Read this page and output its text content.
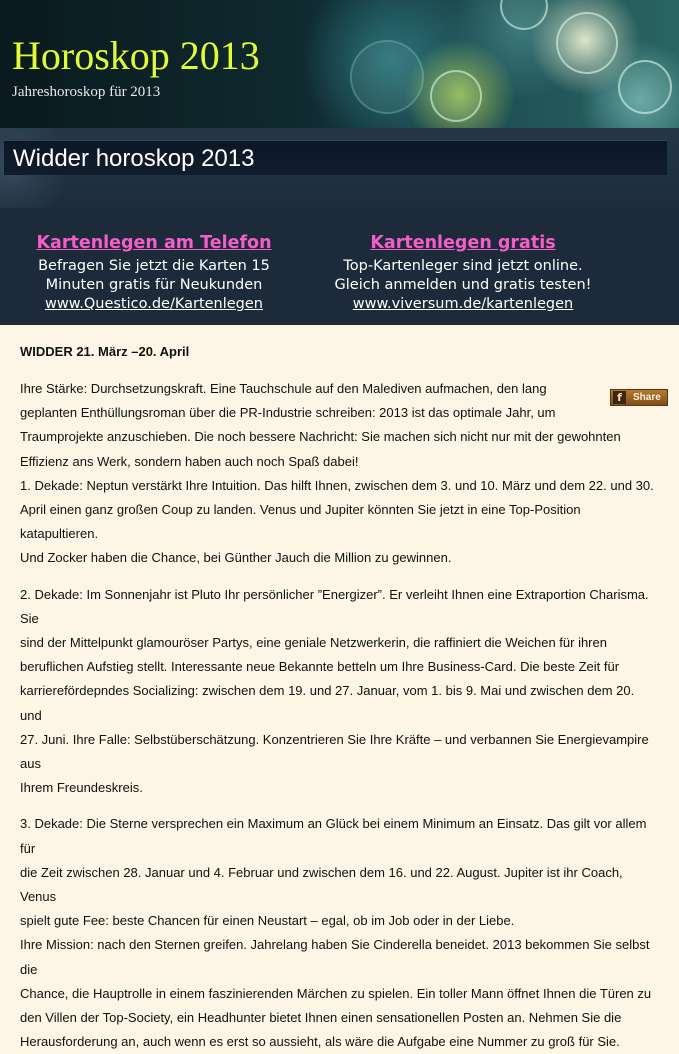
Horoskop 2013
Jahreshoroskop für 2013
Widder horoskop 2013
Kartenlegen am Telefon
Befragen Sie jetzt die Karten 15
Minuten gratis für Neukunden
www.Questico.de/Kartenlegen
Kartenlegen gratis
Top-Kartenleger sind jetzt online.
Gleich anmelden und gratis testen!
www.viversum.de/kartenlegen
WIDDER 21. März –20. April
f	Share
Ihre Stärke: Durchsetzungskraft. Eine Tauchschule auf den Malediven aufmachen, den lang
geplanten Enthüllungsroman über die PR-Industrie schreiben: 2013 ist das optimale Jahr, um
Traumprojekte anzuschieben. Die noch bessere Nachricht: Sie machen sich nicht nur mit der gewohnten
Effizienz ans Werk, sondern haben auch noch Spaß dabei!
1. Dekade: Neptun verstärkt Ihre Intuition. Das hilft Ihnen, zwischen dem 3. und 10. März und dem 22. und 30.
April einen ganz großen Coup zu landen. Venus und Jupiter könnten Sie jetzt in eine Top-Position katapultieren.
Und Zocker haben die Chance, bei Günther Jauch die Million zu gewinnen.
2. Dekade: Im Sonnenjahr ist Pluto Ihr persönlicher ”Energizer”. Er verleiht Ihnen eine Extraportion Charisma. Sie
sind der Mittelpunkt glamouröser Partys, eine geniale Netzwerkerin, die raffiniert die Weichen für ihren
beruflichen Aufstieg stellt. Interessante neue Bekannte betteln um Ihre Business-Card. Die beste Zeit für
karrierefördерndes Socializing: zwischen dem 19. und 27. Januar, vom 1. bis 9. Mai und zwischen dem 20. und
27. Juni. Ihre Falle: Selbstüberschätzung. Konzentrieren Sie Ihre Kräfte – und verbannen Sie Energievampire aus
Ihrem Freundeskreis.
3. Dekade: Die Sterne versprechen ein Maximum an Glück bei einem Minimum an Einsatz. Das gilt vor allem für
die Zeit zwischen 28. Januar und 4. Februar und zwischen dem 16. und 22. August. Jupiter ist ihr Coach, Venus
spielt gute Fee: beste Chancen für einen Neustart – egal, ob im Job oder in der Liebe.
Ihre Mission: nach den Sternen greifen. Jahrelang haben Sie Cinderella beneidet. 2013 bekommen Sie selbst die
Chance, die Hauptrolle in einem faszinierenden Märchen zu spielen. Ein toller Mann öffnet Ihnen die Türen zu
den Villen der Top-Society, ein Headhunter bietet Ihnen einen sensationellen Posten an. Nehmen Sie die
Herausforderung an, auch wenn es erst so aussieht, als wäre die Aufgabe eine Nummer zu groß für Sie.
